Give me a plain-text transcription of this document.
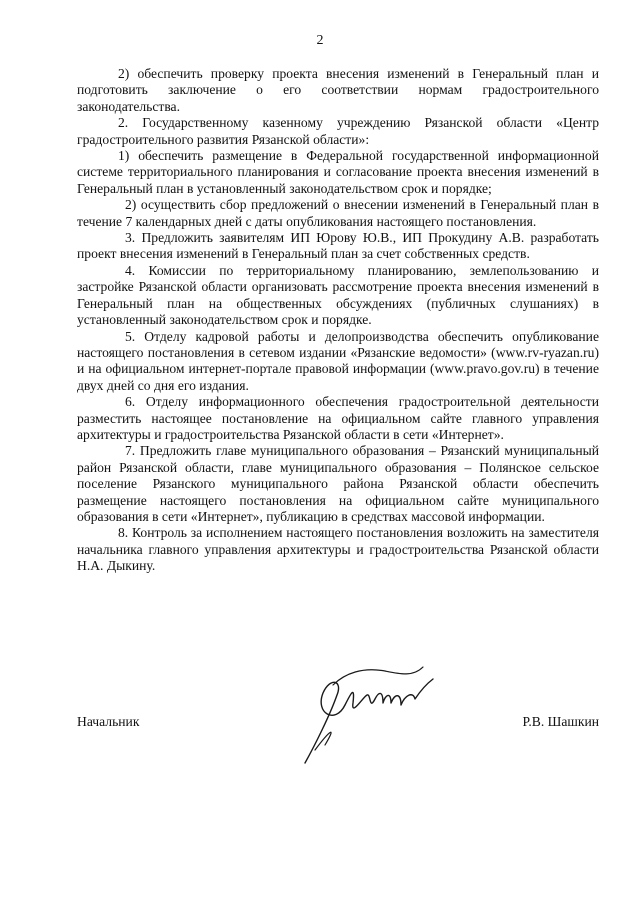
2

2) обеспечить проверку проекта внесения изменений в Генеральный план и подготовить заключение о его соответствии нормам градостроительного законодательства.

2. Государственному казенному учреждению Рязанской области «Центр градостроительного развития Рязанской области»:

1) обеспечить размещение в Федеральной государственной информационной системе территориального планирования и согласование проекта внесения изменений в Генеральный план в установленный законодательством срок и порядке;

2) осуществить сбор предложений о внесении изменений в Генеральный план в течение 7 календарных дней с даты опубликования настоящего постановления.

3. Предложить заявителям ИП Юрову Ю.В., ИП Прокудину А.В. разработать проект внесения изменений в Генеральный план за счет собственных средств.

4. Комиссии по территориальному планированию, землепользованию и застройке Рязанской области организовать рассмотрение проекта внесения изменений в Генеральный план на общественных обсуждениях (публичных слушаниях) в установленный законодательством срок и порядке.

5. Отделу кадровой работы и делопроизводства обеспечить опубликование настоящего постановления в сетевом издании «Рязанские ведомости» (www.rv-ryazan.ru) и на официальном интернет-портале правовой информации (www.pravo.gov.ru) в течение двух дней со дня его издания.

6. Отделу информационного обеспечения градостроительной деятельности разместить настоящее постановление на официальном сайте главного управления архитектуры и градостроительства Рязанской области в сети «Интернет».

7. Предложить главе муниципального образования – Рязанский муниципальный район Рязанской области, главе муниципального образования – Полянское сельское поселение Рязанского муниципального района Рязанской области обеспечить размещение настоящего постановления на официальном сайте муниципального образования в сети «Интернет», публикацию в средствах массовой информации.

8. Контроль за исполнением настоящего постановления возложить на заместителя начальника главного управления архитектуры и градостроительства Рязанской области Н.А. Дыкину.

Начальник	Р.В. Шашкин
